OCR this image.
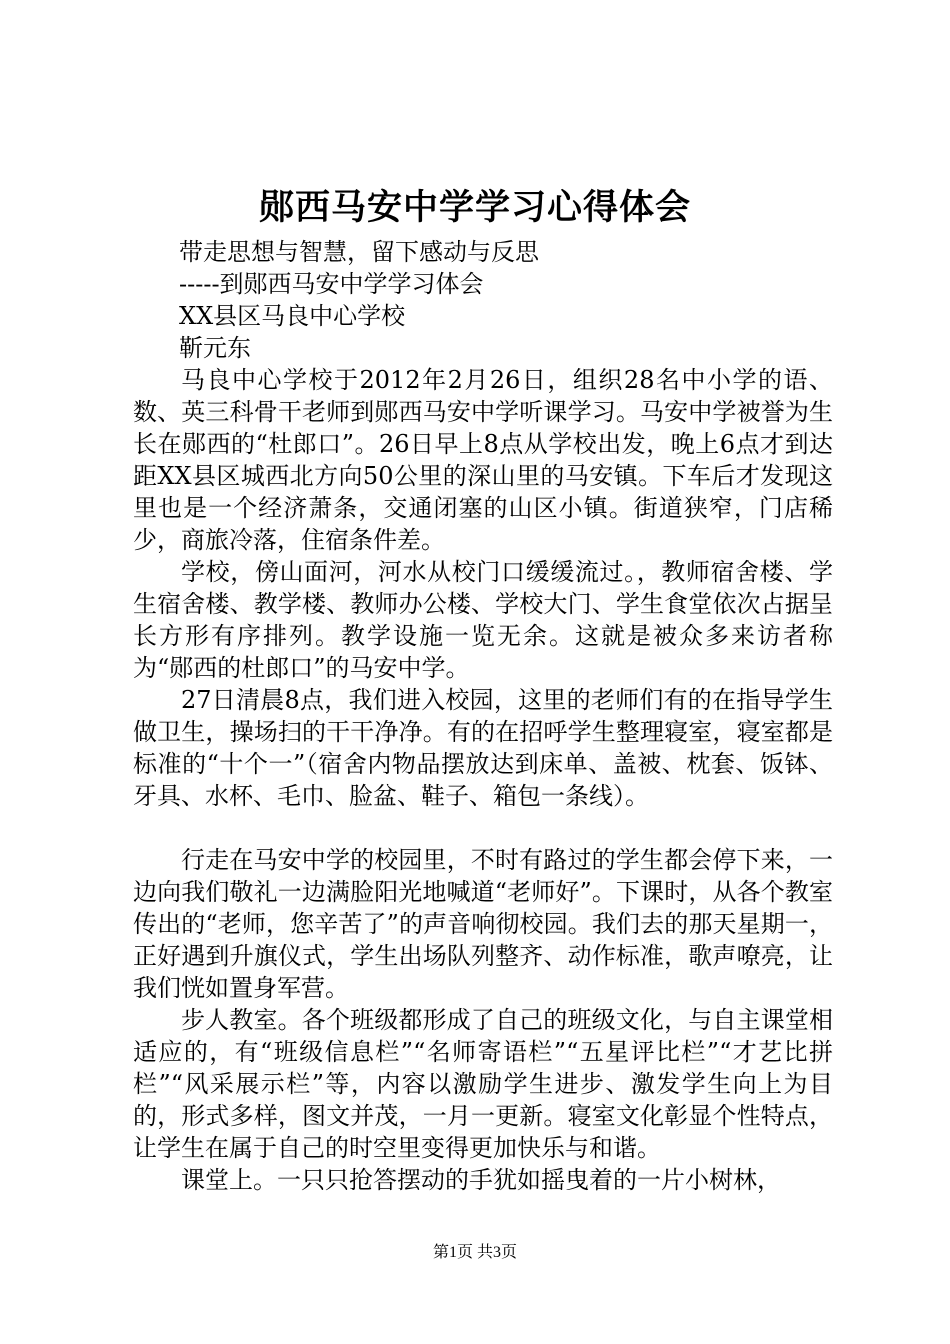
郧西马安中学学习心得体会
带走思想与智慧，留下感动与反思
-----到郧西马安中学学习体会
XX县区马良中心学校
靳元东

马良中心学校于2012年2月26日，组织28名中小学的语、数、英三科骨干老师到郧西马安中学听课学习。马安中学被誉为生长在郧西的“杜郎口”。26日早上8点从学校出发，晚上6点才到达距XX县区城西北方向50公里的深山里的马安镇。下车后才发现这里也是一个经济萧条，交通闭塞的山区小镇。街道狭窄，门店稀少，商旅冷落，住宿条件差。

学校，傍山面河，河水从校门口缓缓流过。，教师宿舍楼、学生宿舍楼、教学楼、教师办公楼、学校大门、学生食堂依次占据呈长方形有序排列。教学设施一览无余。这就是被众多来访者称为“郧西的杜郎口”的马安中学。

27日清晨8点，我们进入校园，这里的老师们有的在指导学生做卫生，操场扫的干干净净。有的在招呼学生整理寝室，寝室都是标准的“十个一”（宿舍内物品摆放达到床单、盖被、枕套、饭钵、牙具、水杯、毛巾、脸盆、鞋子、箱包一条线）。

行走在马安中学的校园里，不时有路过的学生都会停下来，一边向我们敬礼一边满脸阳光地喊道“老师好”。下课时，从各个教室传出的“老师，您辛苦了”的声音响彻校园。我们去的那天星期一，正好遇到升旗仪式，学生出场队列整齐、动作标准，歌声嘹亮，让我们恍如置身军营。

步人教室。各个班级都形成了自己的班级文化，与自主课堂相适应的，有“班级信息栏”“名师寄语栏”“五星评比栏”“才艺比拼栏”“风采展示栏”等，内容以激励学生进步、激发学生向上为目的，形式多样，图文并茂，一月一更新。寝室文化彰显个性特点，让学生在属于自己的时空里变得更加快乐与和谐。

课堂上。一只只抢答摆动的手犹如摇曳着的一片小树林，

第1页 共3页
